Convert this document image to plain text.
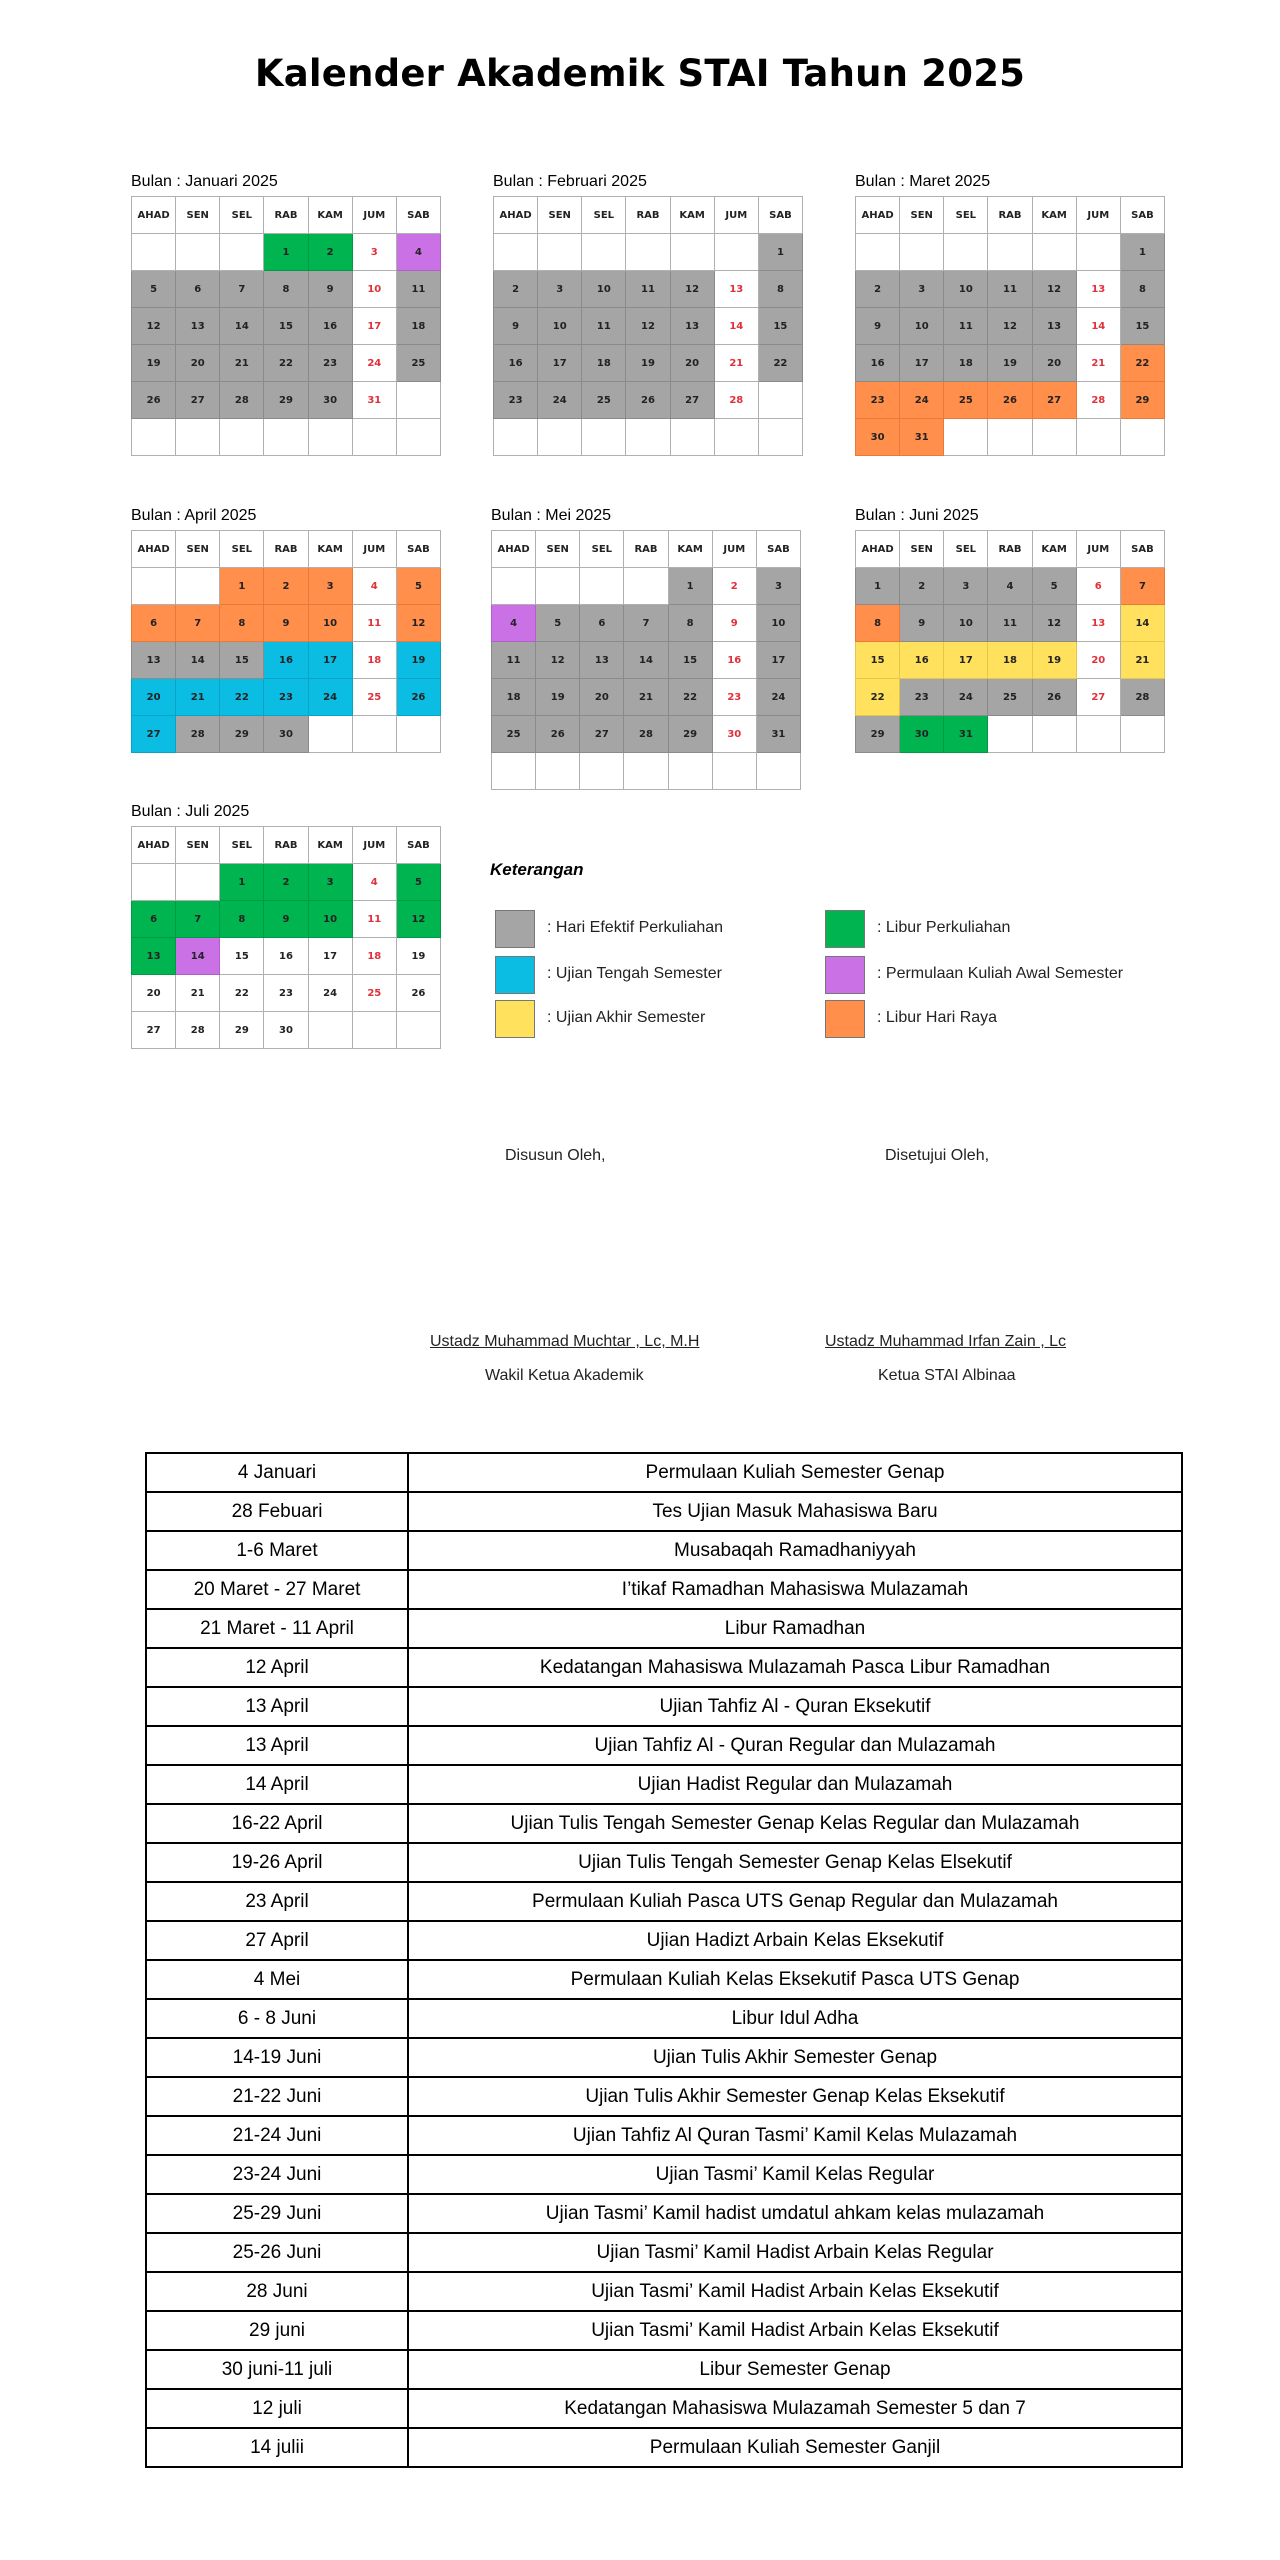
Kalender Akademik STAI Tahun 2025
Bulan : Januari 2025
AHAD	SEN	SEL	RAB	KAM	JUM	SAB
			1	2	3	4
5	6	7	8	9	10	11
12	13	14	15	16	17	18
19	20	21	22	23	24	25
26	27	28	29	30	31	

Bulan : Februari 2025
AHAD	SEN	SEL	RAB	KAM	JUM	SAB
						1
2	3	10	11	12	13	8
9	10	11	12	13	14	15
16	17	18	19	20	21	22
23	24	25	26	27	28	

Bulan : Maret 2025
AHAD	SEN	SEL	RAB	KAM	JUM	SAB
						1
2	3	10	11	12	13	8
9	10	11	12	13	14	15
16	17	18	19	20	21	22
23	24	25	26	27	28	29
30	31					
Bulan : April 2025
AHAD	SEN	SEL	RAB	KAM	JUM	SAB
		1	2	3	4	5
6	7	8	9	10	11	12
13	14	15	16	17	18	19
20	21	22	23	24	25	26
27	28	29	30			
Bulan : Mei 2025
AHAD	SEN	SEL	RAB	KAM	JUM	SAB
				1	2	3
4	5	6	7	8	9	10
11	12	13	14	15	16	17
18	19	20	21	22	23	24
25	26	27	28	29	30	31

Bulan : Juni 2025
AHAD	SEN	SEL	RAB	KAM	JUM	SAB
1	2	3	4	5	6	7
8	9	10	11	12	13	14
15	16	17	18	19	20	21
22	23	24	25	26	27	28
29	30	31				
Bulan : Juli 2025
AHAD	SEN	SEL	RAB	KAM	JUM	SAB
		1	2	3	4	5
6	7	8	9	10	11	12
13	14	15	16	17	18	19
20	21	22	23	24	25	26
27	28	29	30			
Keterangan
: Hari Efektif Perkuliahan
: Ujian Tengah Semester
: Ujian Akhir Semester
: Libur Perkuliahan
: Permulaan Kuliah Awal Semester
: Libur Hari Raya
Disusun Oleh,	Disetujui Oleh,
Ustadz Muhammad Muchtar , Lc, M.H	Ustadz Muhammad Irfan Zain , Lc
Wakil Ketua Akademik	Ketua STAI Albinaa
4 Januari	Permulaan Kuliah Semester Genap
28 Febuari	Tes Ujian Masuk Mahasiswa Baru
1-6 Maret	Musabaqah Ramadhaniyyah
20 Maret - 27 Maret	I’tikaf Ramadhan Mahasiswa Mulazamah
21 Maret - 11 April	Libur Ramadhan
12 April	Kedatangan Mahasiswa Mulazamah Pasca Libur Ramadhan
13 April	Ujian Tahfiz Al - Quran Eksekutif
13 April	Ujian Tahfiz Al - Quran Regular dan Mulazamah
14 April	Ujian Hadist Regular dan Mulazamah
16-22 April	Ujian Tulis Tengah Semester Genap Kelas Regular dan Mulazamah
19-26 April	Ujian Tulis Tengah Semester Genap Kelas Elsekutif
23 April	Permulaan Kuliah Pasca UTS Genap Regular dan Mulazamah
27 April	Ujian Hadizt Arbain Kelas Eksekutif
4 Mei	Permulaan Kuliah Kelas Eksekutif Pasca UTS Genap
6 - 8 Juni	Libur Idul Adha
14-19 Juni	Ujian Tulis Akhir Semester Genap
21-22 Juni	Ujian Tulis Akhir Semester Genap Kelas Eksekutif
21-24 Juni	Ujian Tahfiz Al Quran Tasmi’ Kamil Kelas Mulazamah
23-24 Juni	Ujian Tasmi’ Kamil Kelas Regular
25-29 Juni	Ujian Tasmi’ Kamil hadist umdatul ahkam kelas mulazamah
25-26 Juni	Ujian Tasmi’ Kamil Hadist Arbain Kelas Regular
28 Juni	Ujian Tasmi’ Kamil Hadist Arbain Kelas Eksekutif
29 juni	Ujian Tasmi’ Kamil Hadist Arbain Kelas Eksekutif
30 juni-11 juli	Libur Semester Genap
12 juli	Kedatangan Mahasiswa Mulazamah Semester 5 dan 7
14 julii	Permulaan Kuliah Semester Ganjil
